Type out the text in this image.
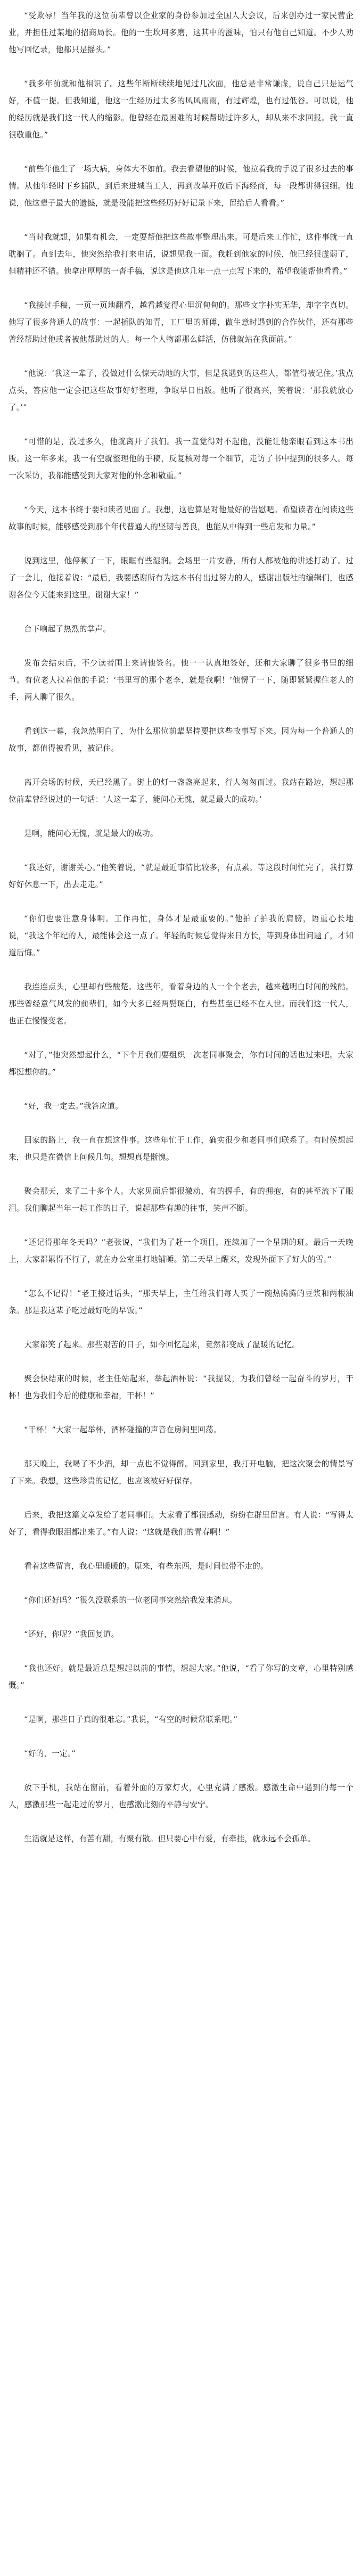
“受欺辱！当年我的这位前辈曾以企业家的身份参加过全国人大会议，后来创办过一家民营企业，并担任过某地的招商局长。他的一生坎坷多磨，这其中的滋味，怕只有他自己知道。不少人劝他写回忆录，他都只是摇头。”

“我多年前就和他相识了。这些年断断续续地见过几次面，他总是非常谦虚，说自己只是运气好，不值一提。但我知道，他这一生经历过太多的风风雨雨，有过辉煌，也有过低谷。可以说，他的经历就是我们这一代人的缩影。他曾经在最困难的时候帮助过许多人，却从来不求回报。我一直很敬重他。”

“前些年他生了一场大病，身体大不如前。我去看望他的时候，他拉着我的手说了很多过去的事情。从他年轻时下乡插队，到后来进城当工人，再到改革开放后下海经商，每一段都讲得很细。他说，他这辈子最大的遗憾，就是没能把这些经历好好记录下来，留给后人看看。”

“当时我就想，如果有机会，一定要帮他把这些故事整理出来。可是后来工作忙，这件事就一直耽搁了。直到去年，他突然给我打来电话，说想见我一面。我赶到他家的时候，他已经很虚弱了，但精神还不错。他拿出厚厚的一沓手稿，说这是他这几年一点一点写下来的，希望我能帮他看看。”

“我接过手稿，一页一页地翻看，越看越觉得心里沉甸甸的。那些文字朴实无华，却字字真切。他写了很多普通人的故事：一起插队的知青，工厂里的师傅，做生意时遇到的合作伙伴，还有那些曾经帮助过他或者被他帮助过的人。每一个人物都那么鲜活，仿佛就站在我面前。”

“他说：‘我这一辈子，没做过什么惊天动地的大事，但是我遇到的这些人，都值得被记住。’我点点头，答应他一定会把这些故事好好整理，争取早日出版。他听了很高兴，笑着说：‘那我就放心了。’”

“可惜的是，没过多久，他就离开了我们。我一直觉得对不起他，没能让他亲眼看到这本书出版。这一年多来，我一有空就整理他的手稿，反复核对每一个细节，走访了书中提到的很多人。每一次采访，我都能感受到大家对他的怀念和敬重。”

“今天，这本书终于要和读者见面了。我想，这也算是对他最好的告慰吧。希望读者在阅读这些故事的时候，能够感受到那个年代普通人的坚韧与善良，也能从中得到一些启发和力量。”

说到这里，他停顿了一下，眼眶有些湿润。会场里一片安静，所有人都被他的讲述打动了。过了一会儿，他接着说：“最后，我要感谢所有为这本书付出过努力的人，感谢出版社的编辑们，也感谢各位今天能来到这里。谢谢大家！”

台下响起了热烈的掌声。

发布会结束后，不少读者围上来请他签名。他一一认真地签好，还和大家聊了很多书里的细节。有位老人拉着他的手说：‘书里写的那个老李，就是我啊！’他愣了一下，随即紧紧握住老人的手，两人聊了很久。

看到这一幕，我忽然明白了，为什么那位前辈坚持要把这些故事写下来。因为每一个普通人的故事，都值得被看见，被记住。

离开会场的时候，天已经黑了。街上的灯一盏盏亮起来，行人匆匆而过。我站在路边，想起那位前辈曾经说过的一句话：‘人这一辈子，能问心无愧，就是最大的成功。’

是啊，能问心无愧，就是最大的成功。

“我还好，谢谢关心。”他笑着说，“就是最近事情比较多，有点累。等这段时间忙完了，我打算好好休息一下，出去走走。”

“你们也要注意身体啊。工作再忙，身体才是最重要的。”他拍了拍我的肩膀，语重心长地说，“我这个年纪的人，最能体会这一点了。年轻的时候总觉得来日方长，等到身体出问题了，才知道后悔。”

我连连点头，心里却有些酸楚。这些年，看着身边的人一个个老去，越来越明白时间的残酷。那些曾经意气风发的前辈们，如今大多已经两鬓斑白，有些甚至已经不在人世。而我们这一代人，也正在慢慢变老。

“对了，”他突然想起什么，“下个月我们要组织一次老同事聚会，你有时间的话也过来吧。大家都挺想你的。”

“好，我一定去。”我答应道。

回家的路上，我一直在想这件事。这些年忙于工作，确实很少和老同事们联系了。有时候想起来，也只是在微信上问候几句。想想真是惭愧。

聚会那天，来了二十多个人。大家见面后都很激动，有的握手，有的拥抱，有的甚至流下了眼泪。我们聊起当年一起工作的日子，说起那些有趣的往事，笑声不断。

“还记得那年冬天吗？”老张说，“我们为了赶一个项目，连续加了一个星期的班。最后一天晚上，大家都累得不行了，就在办公室里打地铺睡。第二天早上醒来，发现外面下了好大的雪。”

“怎么不记得！”老王接过话头，“那天早上，主任给我们每人买了一碗热腾腾的豆浆和两根油条。那是我这辈子吃过最好吃的早饭。”

大家都笑了起来。那些艰苦的日子，如今回忆起来，竟然都变成了温暖的记忆。

聚会快结束的时候，老主任站起来，举起酒杯说：“我提议，为我们曾经一起奋斗的岁月，干杯！也为我们今后的健康和幸福，干杯！”

“干杯！”大家一起举杯，酒杯碰撞的声音在房间里回荡。

那天晚上，我喝了不少酒，却一点也不觉得醉。回到家里，我打开电脑，把这次聚会的情景写了下来。我想，这些珍贵的记忆，也应该被好好保存。

后来，我把这篇文章发给了老同事们。大家看了都很感动，纷纷在群里留言。有人说：“写得太好了，看得我眼泪都出来了。”有人说：“这就是我们的青春啊！”

看着这些留言，我心里暖暖的。原来，有些东西，是时间也带不走的。

“你们还好吗？”很久没联系的一位老同事突然给我发来消息。

“还好，你呢？”我回复道。

“我也还好。就是最近总是想起以前的事情，想起大家。”他说，“看了你写的文章，心里特别感慨。”

“是啊，那些日子真的很难忘。”我说，“有空的时候常联系吧。”

“好的，一定。”

放下手机，我站在窗前，看着外面的万家灯火，心里充满了感激。感激生命中遇到的每一个人，感激那些一起走过的岁月，也感激此刻的平静与安宁。

生活就是这样，有苦有甜，有聚有散。但只要心中有爱，有牵挂，就永远不会孤单。
